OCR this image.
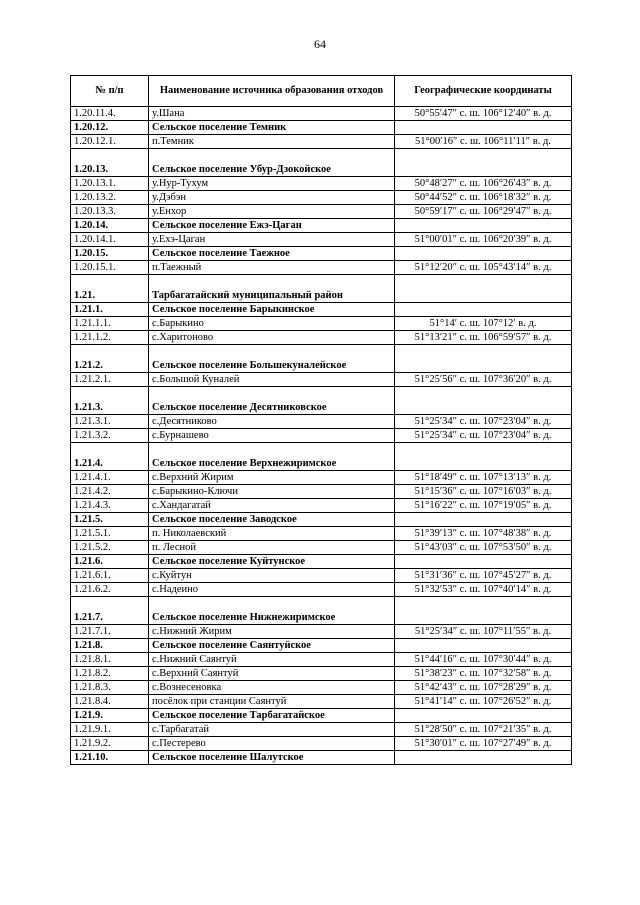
64
№ п/п	Наименование источника образования отходов	Географические координаты
1.20.11.4.	у.Шана	50°55′47″ с. ш. 106°12′40″ в. д.
1.20.12.	Сельское поселение Темник	
1.20.12.1.	п.Темник	51°00′16″ с. ш. 106°11′11″ в. д.
1.20.13.	Сельское поселение Убур-Дзокойское	
1.20.13.1.	у.Нур-Тухум	50°48′27″ с. ш. 106°26′43″ в. д.
1.20.13.2.	у.Дэбэн	50°44′52″ с. ш. 106°18′32″ в. д.
1.20.13.3.	у.Енхор	50°59′17″ с. ш. 106°29′47″ в. д.
1.20.14.	Сельское поселение Ежэ-Цаган	
1.20.14.1.	у.Ехэ-Цаган	51°00′01″ с. ш. 106°20′39″ в. д.
1.20.15.	Сельское поселение Таежное	
1.20.15.1.	п.Таежный	51°12′20″ с. ш. 105°43′14″ в. д.
1.21.	Тарбагатайский муниципальный район	
1.21.1.	Сельское поселение Барыкинское	
1.21.1.1.	с.Барыкино	51°14′ с. ш. 107°12′ в. д.
1.21.1.2.	с.Харитоново	51°13′21″ с. ш. 106°59′57″ в. д.
1.21.2.	Сельское поселение Большекуналейское	
1.21.2.1.	с.Большой Куналей	51°25′56″ с. ш. 107°36′20″ в. д.
1.21.3.	Сельское поселение Десятниковское	
1.21.3.1.	с.Десятниково	51°25′34″ с. ш. 107°23′04″ в. д.
1.21.3.2.	с.Бурнашево	51°25′34″ с. ш. 107°23′04″ в. д.
1.21.4.	Сельское поселение Верхнежиримское	
1.21.4.1.	с.Верхний Жирим	51°18′49″ с. ш. 107°13′13″ в. д.
1.21.4.2.	с.Барыкино-Ключи	51°15′36″ с. ш. 107°16′03″ в. д.
1.21.4.3.	с.Хандагатай	51°16′22″ с. ш. 107°19′05″ в. д.
1.21.5.	Сельское поселение Заводское	
1.21.5.1.	п. Николаевский	51°39′13″ с. ш. 107°48′38″ в. д.
1.21.5.2.	п. Лесной	51°43′03″ с. ш. 107°53′50″ в. д.
1.21.6.	Сельское поселение Куйтунское	
1.21.6.1.	с.Куйтун	51°31′36″ с. ш. 107°45′27″ в. д.
1.21.6.2.	с.Надеино	51°32′53″ с. ш. 107°40′14″ в. д.
1.21.7.	Сельское поселение Нижнежиримское	
1.21.7.1.	с.Нижний Жирим	51°25′34″ с. ш. 107°11′55″ в. д.
1.21.8.	Сельское поселение Саянтуйское	
1.21.8.1.	с.Нижний Саянтуй	51°44′16″ с. ш. 107°30′44″ в. д.
1.21.8.2.	с.Верхний Саянтуй	51°38′23″ с. ш. 107°32′58″ в. д.
1.21.8.3.	с.Вознесеновка	51°42′43″ с. ш. 107°28′29″ в. д.
1.21.8.4.	посёлок при станции Саянтуй	51°41′14″ с. ш. 107°26′52″ в. д.
1.21.9.	Сельское поселение Тарбагатайское	
1.21.9.1.	с.Тарбагатай	51°28′50″ с. ш. 107°21′35″ в. д.
1.21.9.2.	с.Пестерево	51°30′01″ с. ш. 107°27′49″ в. д.
1.21.10.	Сельское поселение Шалутское	
